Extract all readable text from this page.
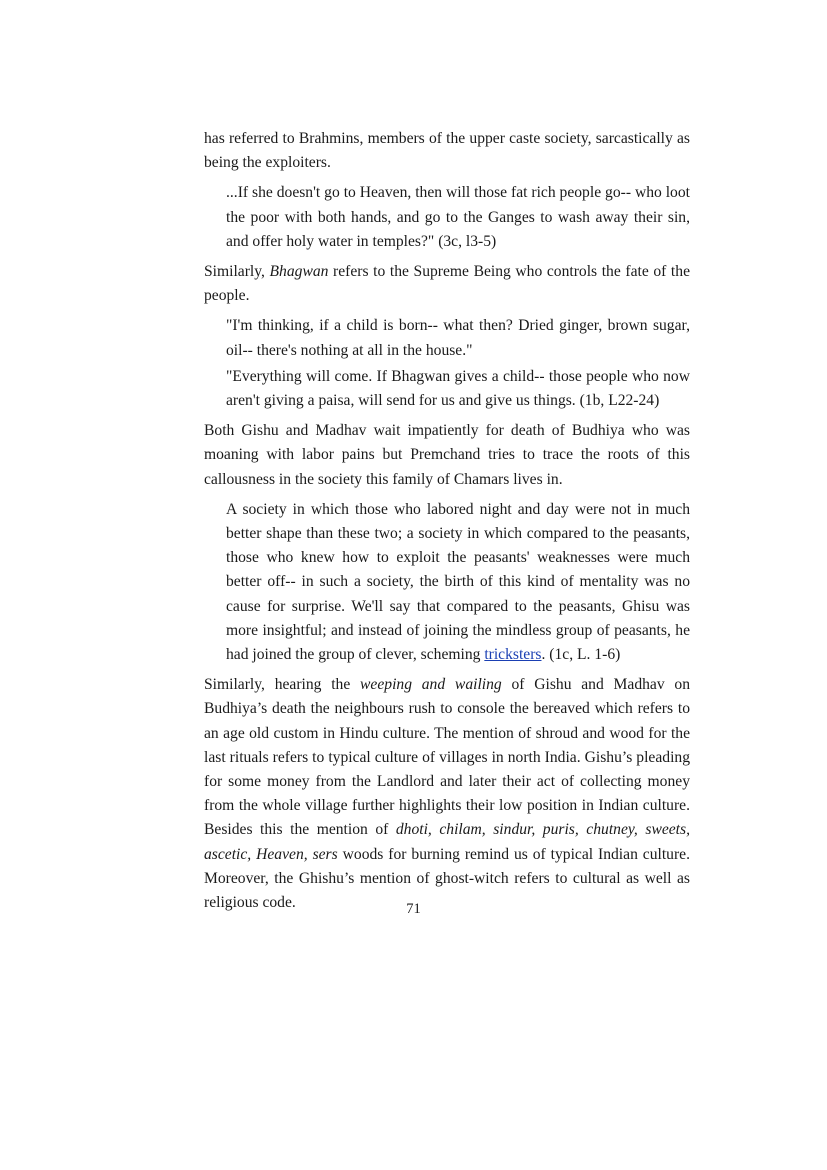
has referred to Brahmins, members of the upper caste society, sarcastically as being the exploiters.

...If she doesn't go to Heaven, then will those fat rich people go-- who loot the poor with both hands, and go to the Ganges to wash away their sin, and offer holy water in temples?" (3c, l3-5)

Similarly, Bhagwan refers to the Supreme Being who controls the fate of the people.

"I'm thinking, if a child is born-- what then? Dried ginger, brown sugar, oil-- there's nothing at all in the house."

"Everything will come. If Bhagwan gives a child-- those people who now aren't giving a paisa, will send for us and give us things. (1b, L22-24)

Both Gishu and Madhav wait impatiently for death of Budhiya who was moaning with labor pains but Premchand tries to trace the roots of this callousness in the society this family of Chamars lives in.

A society in which those who labored night and day were not in much better shape than these two; a society in which compared to the peasants, those who knew how to exploit the peasants' weaknesses were much better off-- in such a society, the birth of this kind of mentality was no cause for surprise. We'll say that compared to the peasants, Ghisu was more insightful; and instead of joining the mindless group of peasants, he had joined the group of clever, scheming tricksters. (1c, L. 1-6)

Similarly, hearing the weeping and wailing of Gishu and Madhav on Budhiya’s death the neighbours rush to console the bereaved which refers to an age old custom in Hindu culture. The mention of shroud and wood for the last rituals refers to typical culture of villages in north India. Gishu’s pleading for some money from the Landlord and later their act of collecting money from the whole village further highlights their low position in Indian culture. Besides this the mention of dhoti, chilam, sindur, puris, chutney, sweets, ascetic, Heaven, sers woods for burning remind us of typical Indian culture. Moreover, the Ghishu’s mention of ghost-witch refers to cultural as well as religious code.	71
